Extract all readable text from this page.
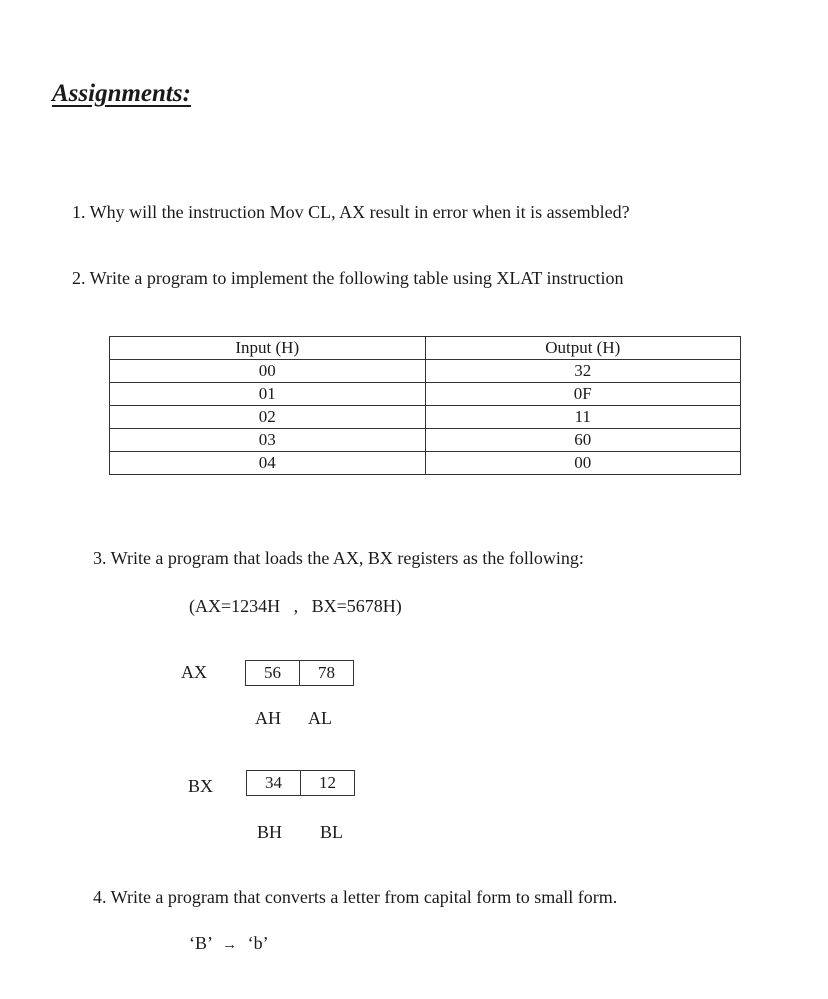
Assignments:
1. Why will the instruction Mov CL, AX result in error when it is assembled?
2. Write a program to implement the following table using XLAT instruction
Input (H)	Output (H)
00	32
01	0F
02	11
03	60
04	00
3. Write a program that loads the AX, BX registers as the following:
(AX=1234H   ,   BX=5678H)
AX	56	78
AH AL
BX	34	12
BH BL
4. Write a program that converts a letter from capital form to small form.
‘B’ → ‘b’
